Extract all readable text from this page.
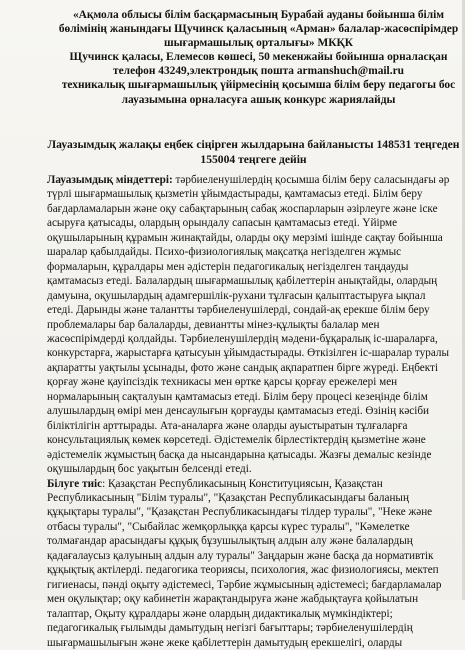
«Ақмола облысы білім басқармасының Бурабай ауданы бойынша білім
бөлімінің жанындағы Щучинск қаласының «Арман» балалар-жасөспірімдер
шығармашылық орталығы» МКҚК
Щучинск қаласы, Елемесов көшесі, 50 мекенжайы бойынша орналасқан
телефон 43249,электрондық пошта armanshuch@mail.ru
техникалық шығармашылық үйірмесінің қосымша білім беру педагогы бос
лауазымына орналасуға ашық конкурс жариялайды
Лауазымдық жалақы еңбек сіңірген жылдарына байланысты 148531 теңгеден
155004 теңгеге дейін
Лауазымдық міндеттері: тәрбиеленушілердің қосымша білім беру саласындағы әр
түрлі шығармашылық қызметін ұйымдастырады, қамтамасыз етеді. Білім беру
бағдарламаларын және оқу сабақтарының сабақ жоспарларын әзірлеуге және іске
асыруға қатысады, олардың орындалу сапасын қамтамасыз етеді. Үйірме
оқушыларының құрамын жинақтайды, оларды оқу мерзімі ішінде сақтау бойынша
шаралар қабылдайды. Психо-физиологиялық мақсатқа негізделген жұмыс
формаларын, құралдары мен әдістерін педагогикалық негізделген таңдауды
қамтамасыз етеді. Балалардың шығармашылық қабілеттерін анықтайды, олардың
дамуына, оқушылардың адамгершілік-рухани тұлғасын қалыптастыруға ықпал
етеді. Дарынды және талантты тәрбиеленушілерді, сондай-ақ ерекше білім беру
проблемалары бар балаларды, девиантты мінез-құлықты балалар мен
жасөспірімдерді қолдайды. Тәрбиеленушілердің мәдени-бұқаралық іс-шараларға,
конкурстарға, жарыстарға қатысуын ұйымдастырады. Өткізілген іс-шаралар туралы
ақпаратты уақтылы ұсынады, фото және сандық ақпаратпен бірге жүреді. Еңбекті
қорғау және қауіпсіздік техникасы мен өртке қарсы қорғау ережелері мен
нормаларының сақталуын қамтамасыз етеді. Білім беру процесі кезеңінде білім
алушылардың өмірі мен денсаулығын қорғауды қамтамасыз етеді. Өзінің кәсіби
біліктілігін арттырады. Ата-аналарға және оларды ауыстыратын тұлғаларға
консультациялық көмек көрсетеді. Әдістемелік бірлестіктердің қызметіне және
әдістемелік жұмыстың басқа да нысандарына қатысады. Жазғы демалыс кезінде
оқушылардың бос уақытын белсенді етеді.
Білуге тиіс: Қазақстан Республикасының Конституциясын, Қазақстан
Республикасының "Білім туралы", "Қазақстан Республикасындағы баланың
құқықтары туралы", "Қазақстан Республикасындағы тілдер туралы", "Неке және
отбасы туралы", "Сыбайлас жемқорлыққа қарсы күрес туралы", "Кәмелетке
толмағандар арасындағы құқық бұзушылықтың алдын алу және балалардың
қадағалаусыз қалуының алдын алу туралы" Заңдарын және басқа да нормативтік
құқықтық актілерді. педагогика теориясы, психология, жас физиологиясы, мектеп
гигиенасы, пәнді оқыту әдістемесі, Тәрбие жұмысының әдістемесі; бағдарламалар
мен оқулықтар; оқу кабинетін жарақтандыруға және жабдықтауға қойылатын
талаптар, Оқыту құралдары және олардың дидактикалық мүмкіндіктері;
педагогикалық ғылымды дамытудың негізгі бағыттары; тәрбиеленушілердің
шығармашылығын және жеке қабілеттерін дамытудың ерекшелігі, оларды
